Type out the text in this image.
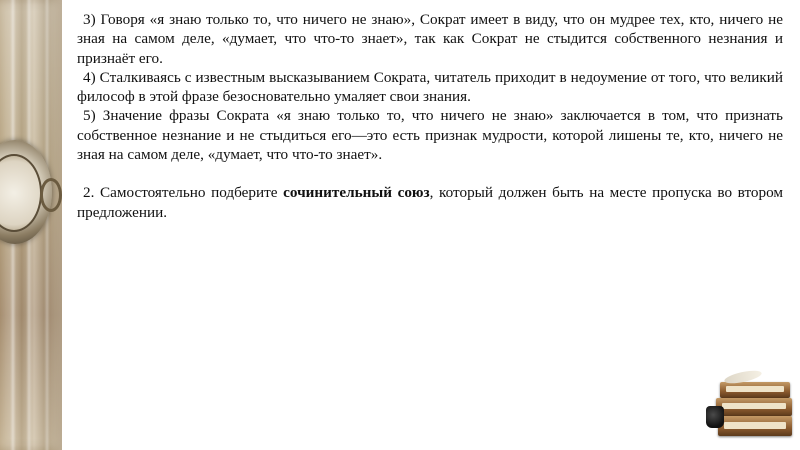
3) Говоря «я знаю только то, что ничего не знаю», Сократ имеет в виду, что он мудрее тех, кто, ничего не зная на самом деле, «думает, что что-то знает», так как Сократ не стыдится собственного незнания и признаёт его.

4) Сталкиваясь с известным высказыванием Сократа, читатель приходит в недоумение от того, что великий философ в этой фразе безосновательно умаляет свои знания.

5) Значение фразы Сократа «я знаю только то, что ничего не знаю» заключается в том, что признать собственное незнание и не стыдиться его—это есть признак мудрости, которой лишены те, кто, ничего не зная на самом деле, «думает, что что-то знает».

2. Самостоятельно подберите сочинительный союз, который должен быть на месте пропуска во втором предложении.
